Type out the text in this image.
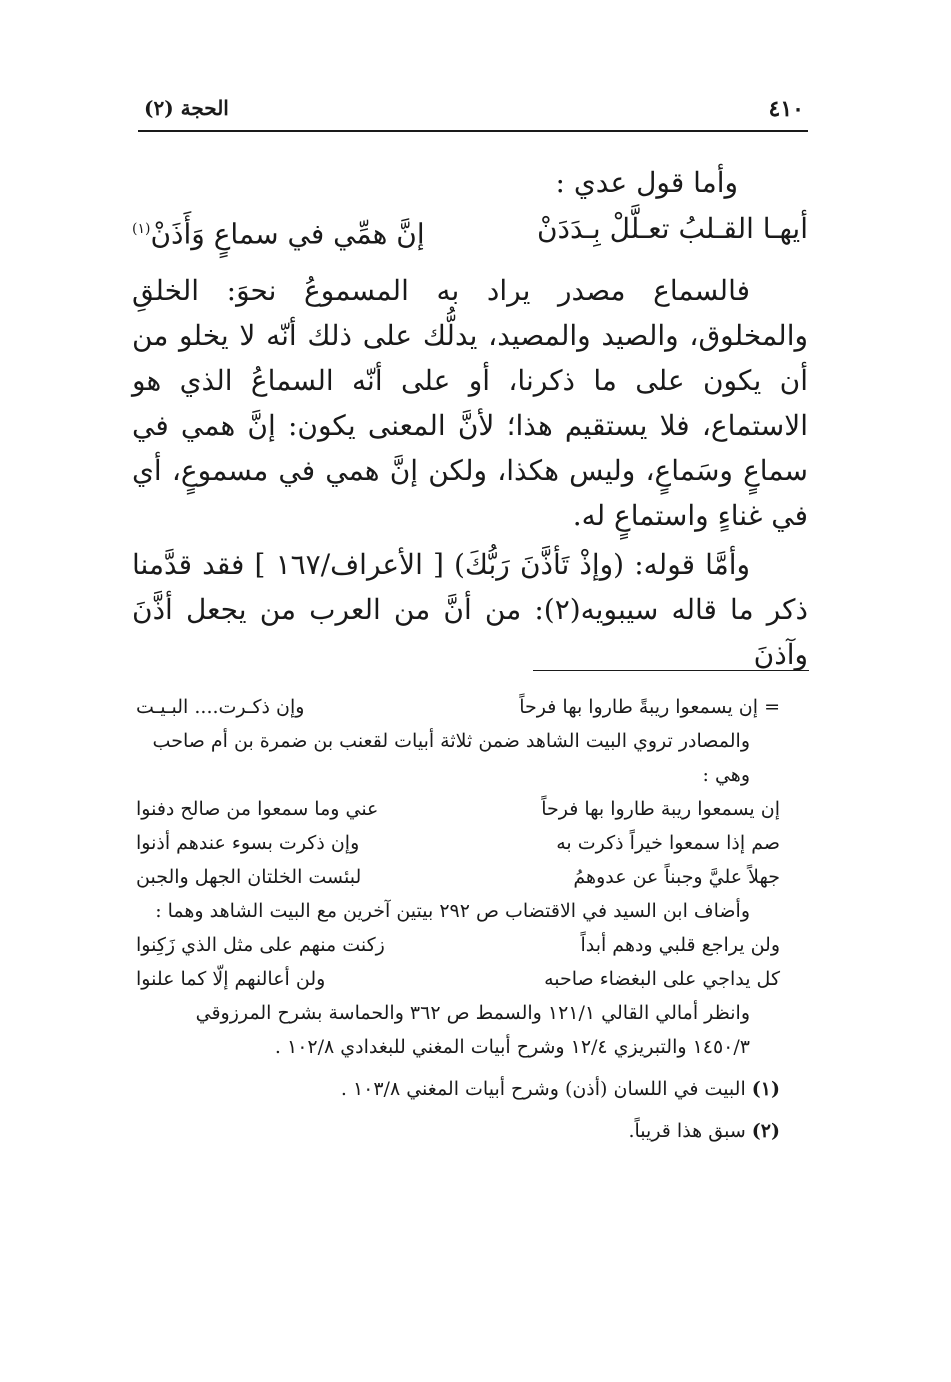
٤١٠
الحجة (٢)

وأما قول عدي :

أيهـا القـلبُ تعـلَّلْ بِـدَدَنْ
إنَّ همِّي في سماعٍ وَأَذَنْ$^{(١)}$

فالسماع مصدر يراد به المسموعُ نحوَ: الخلقِ والمخلوق، والصيد والمصيد، يدلُّك على ذلك أنّه لا يخلو من أن يكون على ما ذكرنا، أو على أنّه السماعُ الذي هو الاستماع، فلا يستقيم هذا؛ لأنَّ المعنى يكون: إنَّ همي في سماعٍ وسَماعٍ، وليس هكذا، ولكن إنَّ همي في مسموعٍ، أي في غناءٍ واستماعٍ له.

وأمَّا قوله: (وإذْ تَأذَّنَ رَبُّكَ) [ الأعراف/١٦٧ ] فقد قدَّمنا ذكر ما قاله سيبويه(٢): من أنَّ من العرب من يجعل أذَّنَ وآذنَ

= إن يسمعوا ريبةً طاروا بها فرحاً
وإن ذكـرت.... البـيـت

والمصادر تروي البيت الشاهد ضمن ثلاثة أبيات لقعنب بن ضمرة بن أم صاحب وهي :

إن يسمعوا ريبة طاروا بها فرحاً
عني وما سمعوا من صالح دفنوا

صم إذا سمعوا خيراً ذكرت به
وإن ذكرت بسوء عندهم أذنوا

جهلاً عليَّ وجبناً عن عدوهمُ
لبئست الخلتان الجهل والجبن

وأضاف ابن السيد في الاقتضاب ص ٢٩٢ بيتين آخرين مع البيت الشاهد وهما :

ولن يراجع قلبي ودهم أبداً
زكنت منهم على مثل الذي زَكِنوا

كل يداجي على البغضاء صاحبه
ولن أعالنهم إلّا كما علنوا

وانظر أمالي القالي ١٢١/١ والسمط ص ٣٦٢ والحماسة بشرح المرزوقي ١٤٥٠/٣ والتبريزي ١٢/٤ وشرح أبيات المغني للبغدادي ١٠٢/٨ .

(١) البيت في اللسان (أذن) وشرح أبيات المغني ١٠٣/٨ .

(٢) سبق هذا قريباً.
